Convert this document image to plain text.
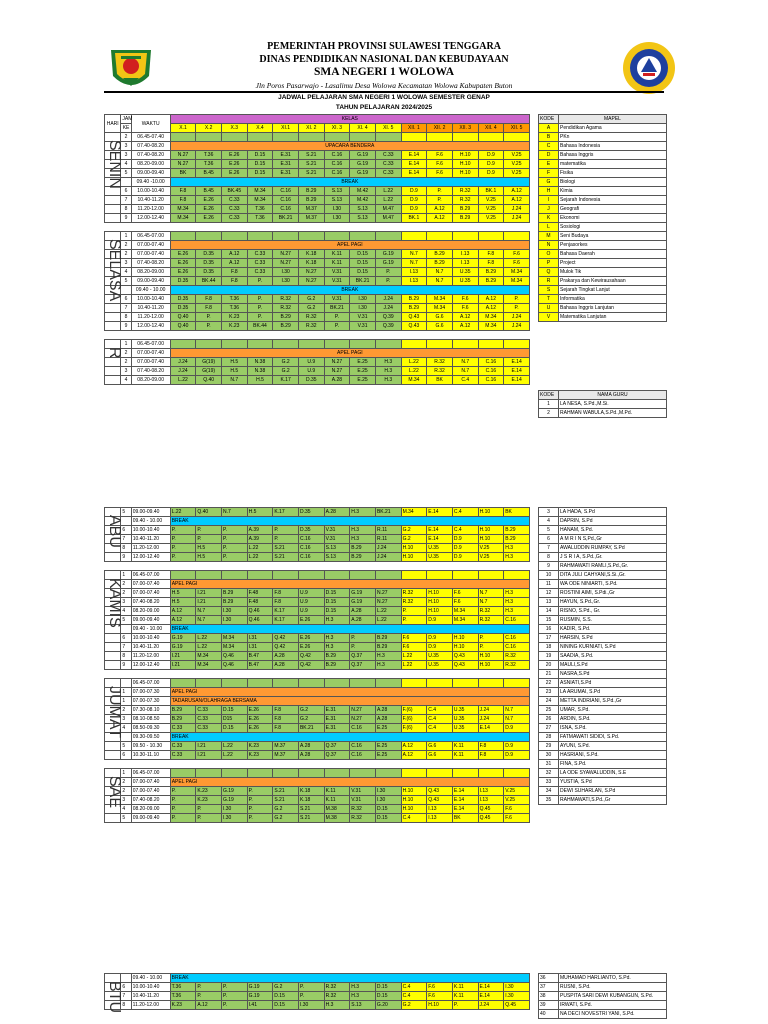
PEMERINTAH PROVINSI SULAWESI TENGGARA
DINAS PENDIDIKAN NASIONAL DAN KEBUDAYAAN
SMA NEGERI 1 WOLOWA
Jln Poros Pasarwajo - Lasalimu Desa Wolowa Kecamatan Wolowa Kabupaten Buton
JADWAL PELAJARAN SMA NEGERI 1 WOLOWA SEMESTER GENAP
TAHUN PELAJARAN 2024/2025
HARI	JAM	WAKTU	KELAS													
	KE		X.1	X.2	X.3	X.4	XI.1	XI. 2	XI. 3	XI. 4	XI. 5	XII. 1	XII. 2	XII. 3	XII. 4	XII. 5
	2	06.45-07.40														
	3	07.40-08.20	UPACARA BENDERA													
	3	07.40-08.20	N.27	T.36	E.26	D.15	E.31	S.21	C.16	G.19	C.33	E.14	F.6	H.10	D.9	V.25
	4	08.20-09.00	N.27	T.36	E.26	D.15	E.31	S.21	C.16	G.19	C.33	E.14	F.6	H.10	D.9	V.25
	5	09.00-09.40	BK	B.45	E.26	D.15	E.31	S.21	C.16	G.19	C.33	E.14	F.6	H.10	D.9	V.25
		09.40 -10.00	BREAK													
	6	10.00-10.40	F.8	B.45	BK.45	M.34	C.16	B.29	S.13	M.42	L.22	D.9	P.	R.32	BK.1	A.12
	7	10.40-11.20	F.8	E.26	C.33	M.34	C.16	B.29	S.13	M.42	L.22	D.9	P.	R.32	V.25	A.12
	8	11.20-12.00	M.34	E.26	C.33	T.36	C.16	M.37	I.30	S.13	M.47	D.9	A.12	B.29	V.25	J.24
	9	12.00-12.40	M.34	E.26	C.33	T.36	BK.21	M.37	I.30	S.13	M.47	BK.1	A.12	B.29	V.25	J.24

	1	06.45-07.00														
	2	07.00-07.40	APEL PAGI													
	2	07.00-07.40	E.26	D.35	A.12	C.33	N.27	K.18	K.11	D.15	G.19	N.7	B.29	I.13	F.8	F.6
	3	07.40-08.20	E.26	D.35	A.12	C.33	N.27	K.18	K.11	D.15	G.19	N.7	B.29	I.13	F.8	F.6
	4	08.20-09.00	E.26	D.35	F.8	C.33	I.30	N.27	V.31	D.15	P.	I.13	N.7	U.35	B.29	M.34
	5	09.00-09.40	D.35	BK.44	F.8	P.	I.30	N.27	V.31	BK.21	P.	I.13	N.7	U.35	B.29	M.34
		09.40 - 10.00	BREAK													
	6	10.00-10.40	D.35	F.8	T.36	P.	R.32	G.2	V.31	I.30	J.24	B.29	M.34	F.6	A.12	P.
	7	10.40-11.20	D.35	F.8	T.36	P.	R.32	G.2	BK.21	I.30	J.24	B.29	M.34	F.6	A.12	P.
	8	11.20-12.00	Q.40	P.	K.23	P.	B.29	R.32	P.	V.31	Q.39	Q.43	G.6	A.12	M.34	J.24
	9	12.00-12.40	Q.40	P.	K.23	BK.44	B.29	R.32	P.	V.31	Q.39	Q.43	G.6	A.12	M.34	J.24

	1	06.45-07.00														
	2	07.00-07.40	APEL PAGI													
	2	07.00-07.40	J.24	G(19)	H.5	N.38	G.2	U.9	N.27	E.25	H.3	L.22	R.32	N.7	C.16	E.14
	3	07.40-08.20	J.24	G(19)	H.5	N.38	G.2	U.9	N.27	E.25	H.3	L.22	R.32	N.7	C.16	E.14
	4	08.20-09.00	L.22	Q.40	N.7	H.5	K.17	D.35	A.28	E.25	H.3	M.34	BK	C.4	C.16	E.14
	5	09.00-09.40	L.22	Q.40	N.7	H.5	K.17	D.35	A.28	H.3	BK.21	M.34	E.14	C.4	H.10	BK
		09.40 - 10.00	BREAK													
	6	10.00-10.40	P.	P.	P.	A.39	P.	D.35	V.31	H.3	R.11	G.2	E.14	C.4	H.10	B.29
	7	10.40-11.20	P.	P.	P.	A.39	P.	C.16	V.31	H.3	R.11	G.2	E.14	D.9	H.10	B.29
	8	11.20-12.00	P.	H.5	P.	L.22	S.21	C.16	S.13	B.29	J.24	H.10	U.35	D.9	V.25	H.3
	9	12.00-12.40	P.	H.5	P.	L.22	S.21	C.16	S.13	B.29	J.24	H.10	U.35	D.9	V.25	H.3

	1	06.45-07.00														
	2	07.00-07.40	APEL PAGI													
	2	07.00-07.40	H.5	I.21	B.29	F.48	F.8	U.9	D.15	G.19	N.27	R.32	H.10	F.6	N.7	H.3
	3	07.40-08.20	H.5	I.21	B.29	F.48	F.8	U.9	D.15	G.19	N.27	R.32	H.10	F.6	N.7	H.3
	4	08.20-09.00	A.12	N.7	I.30	Q.46	K.17	U.9	D.15	A.28	L.22	P.	H.10	M.34	R.32	H.3
	5	09.00-09.40	A.12	N.7	I.30	Q.46	K.17	E.26	H.3	A.28	L.22	P.	D.9	M.34	R.32	C.16
		09.40 - 10.00	BREAK													
	6	10.00-10.40	G.19	L.22	M.34	I.31	Q.42	E.26	H.3	P.	B.29	F.6	D.9	H.10	P.	C.16
	7	10.40-11.20	G.19	L.22	M.34	I.31	Q.42	E.26	H.3	P.	B.29	F.6	D.9	H.10	P.	C.16
	8	11.20-12.00	I.21	M.34	Q.46	B.47	A.28	Q.42	B.29	Q.37	H.3	L.22	U.35	Q.43	H.10	R.32
	9	12.00-12.40	I.21	M.34	Q.46	B.47	A.28	Q.42	B.29	Q.37	H.3	L.22	U.35	Q.43	H.10	R.32

		06.45-07.00														
	1	07.00-07.30	APEL PAGI													
	1	07.00-07.30	TADARUSAN/OLAHRAGA BERSAMA													
	2	07.30-08.10	B.29	C.33	D.15	E.26	F.8	G.2	E.31	N.27	A.28	F.(6)	C.4	U.35	J.24	N.7
	3	08.10-08.50	B.29	C.33	D15	E.26	F.8	G.2	E.31	N.27	A.28	F.(6)	C.4	U.35	J.24	N.7
	4	08.50-09.30	C.33	C.33	D.15	E.26	F.8	BK.21	E.31	C.16	E.25	F.(6)	C.4	U.35	E.14	D.9
		09.30-09.50	BREAK													
	5	09.50 - 10.30	C.33	I.21	L.22	K.23	M.37	A.28	Q.37	C.16	E.25	A.12	G.6	K.11	F.8	D.9
	6	10.30-11.10	C.33	I.21	L.22	K.23	M.37	A.28	Q.37	C.16	E.25	A.12	G.6	K.11	F.8	D.9

	1	06.45-07.00														
	2	07.00-07.40	APEL PAGI													
	2	07.00-07.40	P.	K.23	G.19	P.	S.21	K.18	K.11	V.31	I.30	H.10	Q.43	E.14	I.13	V.25
	3	07.40-08.20	P.	K.23	G.19	P.	S.21	K.18	K.11	V.31	I.30	H.10	Q.43	E.14	I.13	V.25
	4	08.20-09.00	P.	P.	I.30	P.	G.2	S.21	M.38	R.32	D.15	H.10	I.13	E.14	Q.45	F.6
	5	09.00-09.40	P.	P.	I.30	P.	G.2	S.21	M.38	R.32	D.15	C.4	I.13	BK	Q.45	F.6
		09.40 - 10.00	BREAK													
	6	10.00-10.40	T.36	P.	P.	G.19	G.2	P.	R.32	H.3	D.15	C.4	F.6	K.11	E.14	I.30
	7	10.40-11.20	T.36	P.	P.	G.19	D.15	P.	R.32	H.3	D.15	C.4	F.6	K.11	E.14	I.30
	8	11.20-12.00	K.23	A.12	P.	I.41	D.15	I.30	H.3	S.13	G.20	G.2	H.10	P.	J.24	Q.45
KODE	MAPEL
A	Pendidikan Agama
B	PKn
C	Bahasa Indonesia
D	Bahasa Inggris
E	matematika
F	Fisika
G	Biologi
H	Kimia
I	Sejarah Indonesia
J	Geografi
K	Ekonomi
L	Sosiologi
M	Seni Budaya
N	Penjasorkes
O	Bahasa Daerah
P	Project
Q	Mulok Tik
R	Prakarya dan Kewirausahaan
S	Sejarah Tingkat Lanjut
T	Informatika
U	Bahasa Inggris Lanjutan
V	Matematika Lanjutan
KODE	NAMA GURU
1	LA NESA, S.Pd.,M.Si.
2	RAHMAN WABULA,S.Pd.,M.Pd.
3	LA HADA, S.Pd
4	DAPRIN, S.Pd
5	HANAM, S.Pd.
6	A M R I N S,Pd.,Gr
7	AWALUDDIN RUMPAY, S.Pd
8	J S R I A, S.Pd.,Gr.
9	RAHMAWATI RAMLI,S.Pd.,Gr.
10	DITA JULI CAHYANI,S.Si.,Gr.
11	WA ODE NINIARTI, S.Pd.
12	ROSTINI AIMI, S.Pdi.,Gr
13	HAYUN, S.Pd.,Gr.
14	RISNO, S.Pd., Gr.
15	RUSMIN, S.S.
16	KADIR, S.Pd.
17	HARSIN, S.Pd
18	NINING KURNIATI, S.Pd
19	SAADIA, S.Pd.
20	MAULI,S.Pd
21	NASRA,S.Pd
22	ASNIATI,S.Pd
23	LA ARUMAI, S.Pd
24	METTA INDRIANI, S.Pd.,Gr
25	UMAR, S.Pd.
26	ARDIN, S.Pd.
27	ISNA, S.Pd.
28	FATMAWATI SIDIDI, S.Pd.
29	AYUNI, S.Pd.
30	HASRIANI, S.Pd.
31	FINA, S.Pd.
32	LA ODE SYAWALUDDIN, S.E
33	YUSTIA, S.Pd
34	DEWI SUHARLAN, S.Pd
35	RAHMAWATI,S.Pd.,Gr
36	MUHAMAD HARLIANTO, S.Pd.
37	RUSNI, S.Pd.
38	PUSPITA SARI DEWI KUBANGUN, S.Pd.
39	IRWATI, S.Pd.
40	NA DECI NOVESTRI YANI, S.Pd.
SENIN
SELASA
R
ABU
KAMIS
JUMAT
SAE
BTU
